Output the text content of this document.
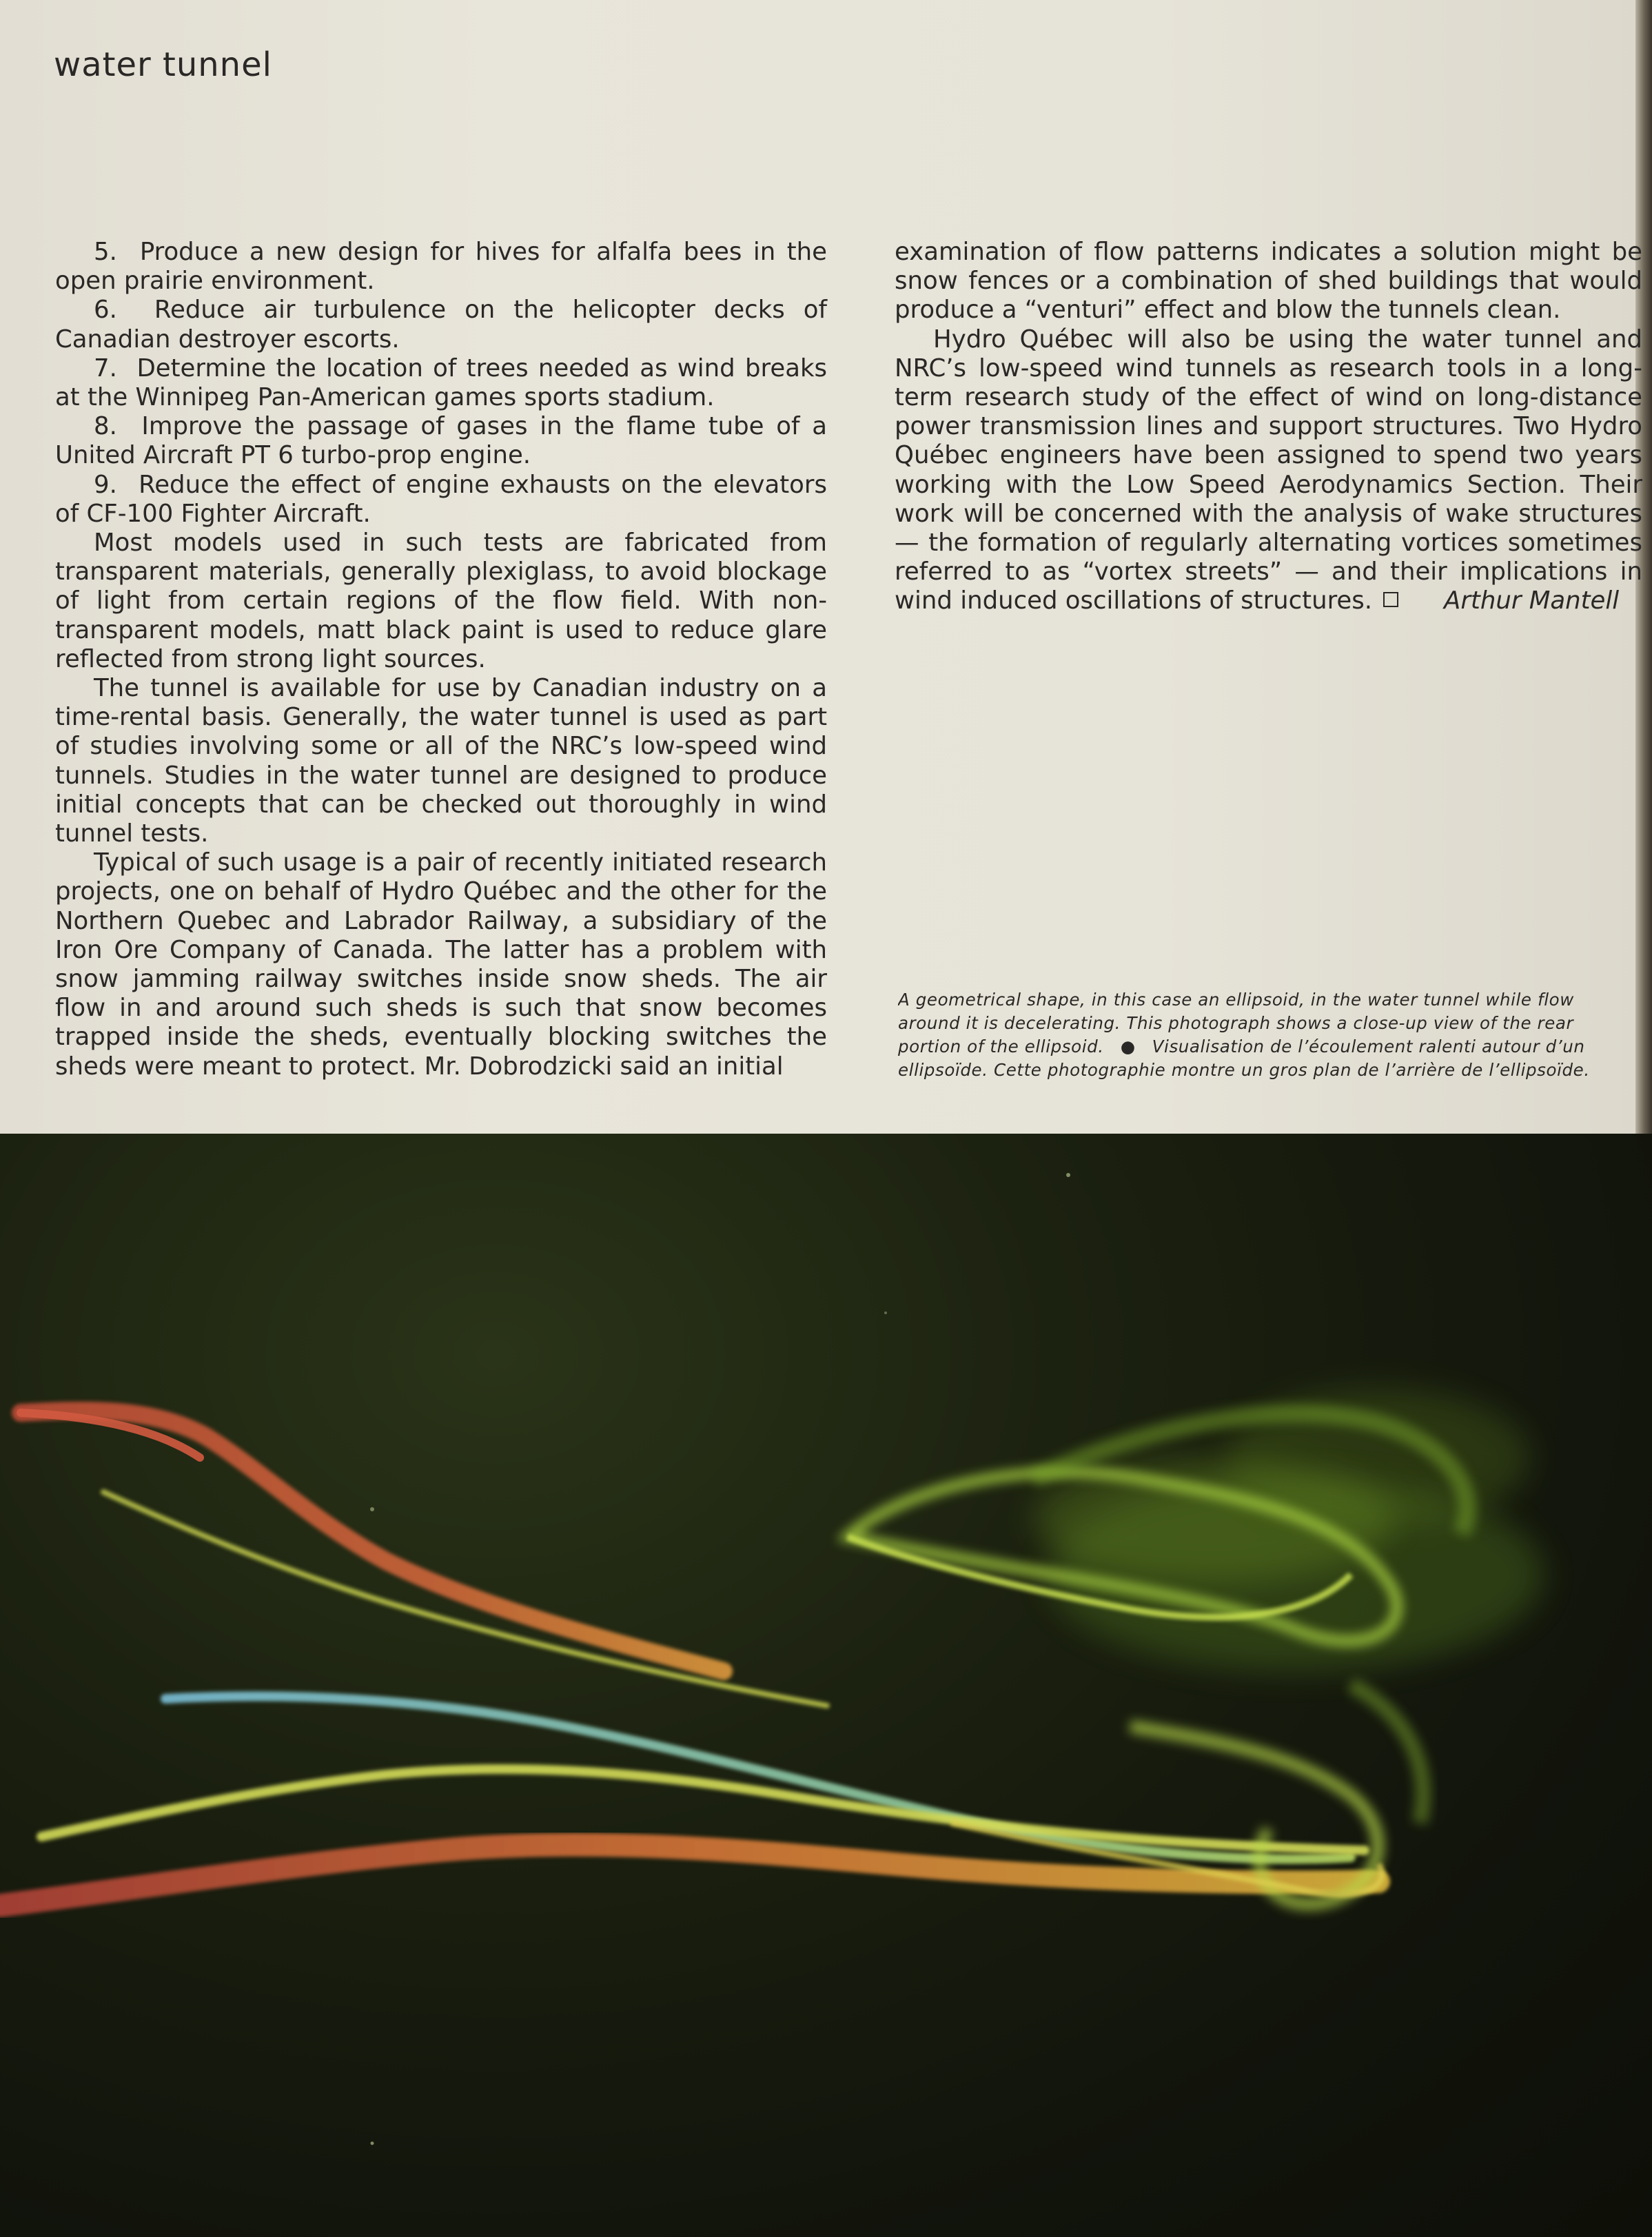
water tunnel

5.  Produce a new design for hives for alfalfa bees in the open prairie environment.

6.  Reduce air turbulence on the helicopter decks of Canadian destroyer escorts.

7.  Determine the location of trees needed as wind breaks at the Winnipeg Pan-American games sports stadium.

8.  Improve the passage of gases in the flame tube of a United Aircraft PT 6 turbo-prop engine.

9.  Reduce the effect of engine exhausts on the elevators of CF-100 Fighter Aircraft.

Most models used in such tests are fabricated from transparent materials, generally plexiglass, to avoid blockage of light from certain regions of the flow field. With non-transparent models, matt black paint is used to reduce glare reflected from strong light sources.

The tunnel is available for use by Canadian industry on a time-rental basis. Generally, the water tunnel is used as part of studies involving some or all of the NRC’s low-speed wind tunnels. Studies in the water tunnel are designed to produce initial concepts that can be checked out thoroughly in wind tunnel tests.

Typical of such usage is a pair of recently initiated research projects, one on behalf of Hydro Québec and the other for the Northern Quebec and Labrador Railway, a subsidiary of the Iron Ore Company of Canada. The latter has a problem with snow jamming railway switches inside snow sheds. The air flow in and around such sheds is such that snow becomes trapped inside the sheds, eventually blocking switches the sheds were meant to protect. Mr. Dobrodzicki said an initial

examination of flow patterns indicates a solution might be snow fences or a combination of shed buildings that would produce a “venturi” effect and blow the tunnels clean.

Hydro Québec will also be using the water tunnel and NRC’s low-speed wind tunnels as research tools in a long-term research study of the effect of wind on long-distance power transmission lines and support structures. Two Hydro Québec engineers have been assigned to spend two years working with the Low Speed Aerodynamics Section. Their work will be concerned with the analysis of wake structures — the formation of regularly alternating vortices sometimes referred to as “vortex streets” — and their implications in wind induced oscillations of structures.	Arthur Mantell

A geometrical shape, in this case an ellipsoid, in the water tunnel while flow
around it is decelerating. This photograph shows a close-up view of the rear
portion of the ellipsoid. ● Visualisation de l’écoulement ralenti autour d’un
ellipsoïde. Cette photographie montre un gros plan de l’arrière de l’ellipsoïde.
